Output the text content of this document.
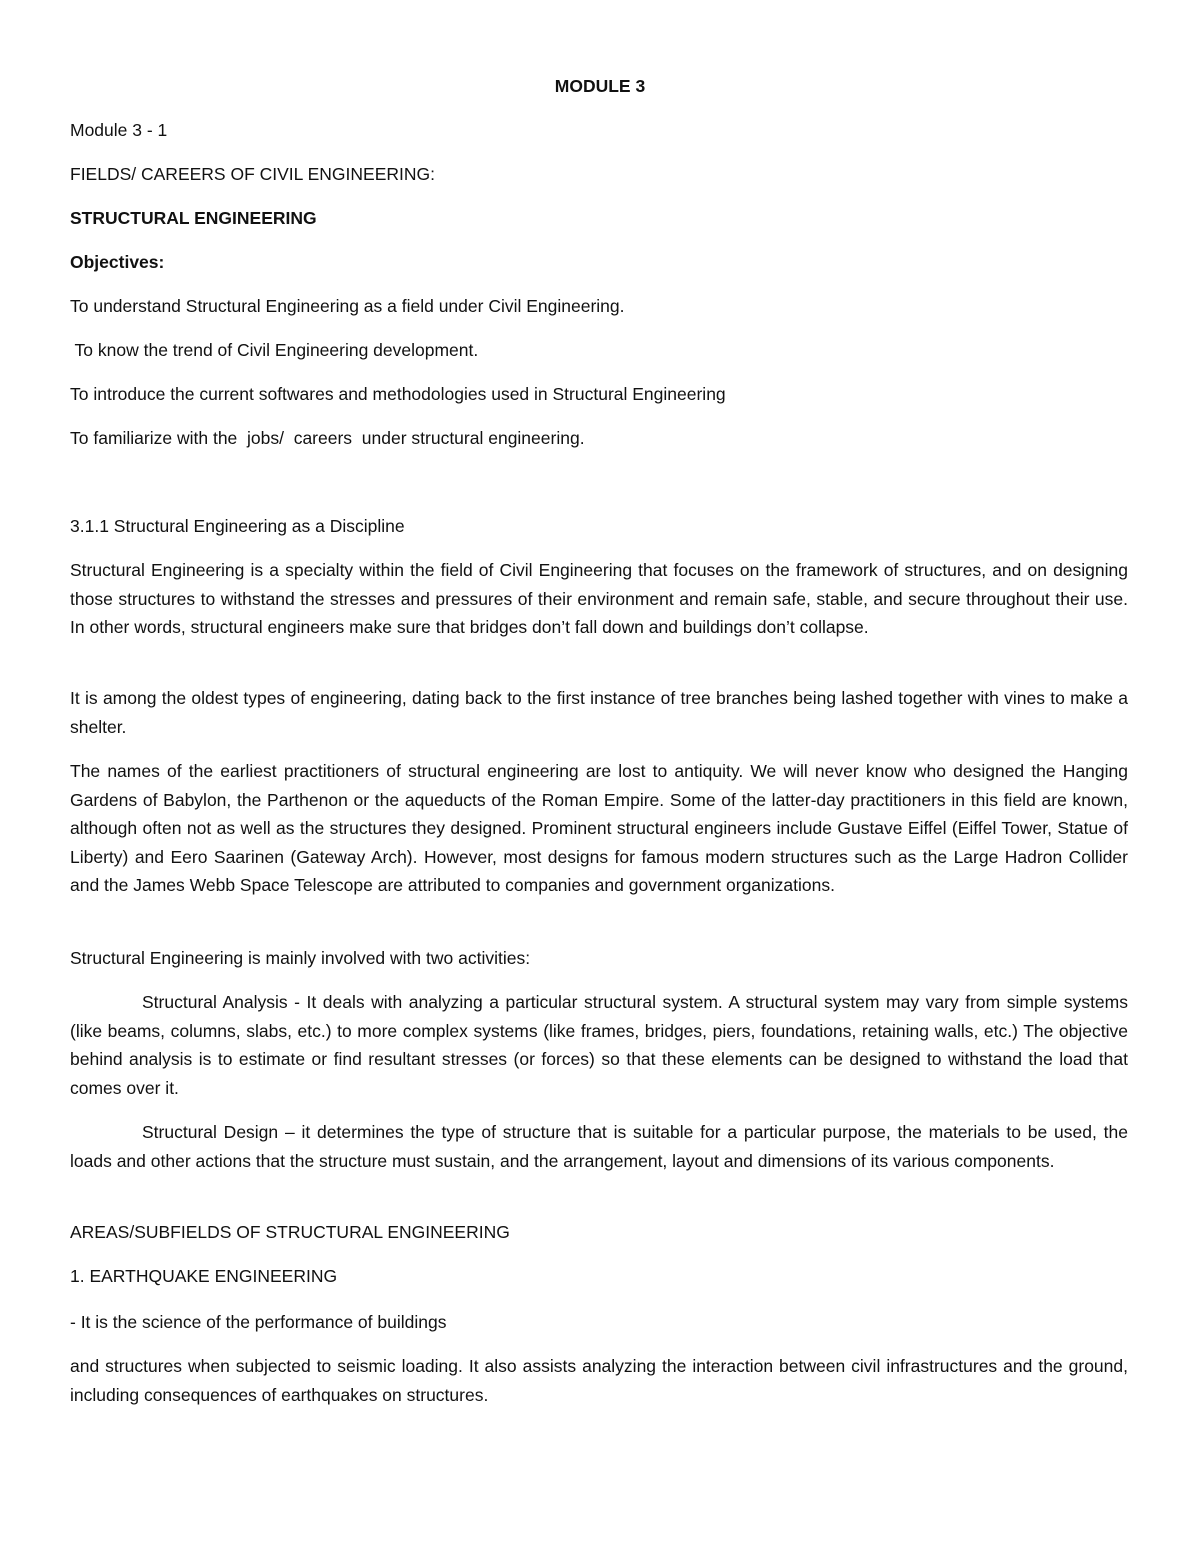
MODULE 3
Module 3 - 1
FIELDS/ CAREERS OF CIVIL ENGINEERING:
STRUCTURAL ENGINEERING
Objectives:
To understand Structural Engineering as a field under Civil Engineering.
To know the trend of Civil Engineering development.
To introduce the current softwares and methodologies used in Structural Engineering
To familiarize with the  jobs/  careers  under structural engineering.
3.1.1 Structural Engineering as a Discipline
Structural Engineering is a specialty within the field of Civil Engineering that focuses on the framework of structures, and on designing those structures to withstand the stresses and pressures of their environment and remain safe, stable, and secure throughout their use. In other words, structural engineers make sure that bridges don’t fall down and buildings don’t collapse.
It is among the oldest types of engineering, dating back to the first instance of tree branches being lashed together with vines to make a shelter.
The names of the earliest practitioners of structural engineering are lost to antiquity. We will never know who designed the Hanging Gardens of Babylon, the Parthenon or the aqueducts of the Roman Empire. Some of the latter-day practitioners in this field are known, although often not as well as the structures they designed. Prominent structural engineers include Gustave Eiffel (Eiffel Tower, Statue of Liberty) and Eero Saarinen (Gateway Arch). However, most designs for famous modern structures such as the Large Hadron Collider and the James Webb Space Telescope are attributed to companies and government organizations.
Structural Engineering is mainly involved with two activities:
Structural Analysis - It deals with analyzing a particular structural system. A structural system may vary from simple systems (like beams, columns, slabs, etc.) to more complex systems (like frames, bridges, piers, foundations, retaining walls, etc.) The objective behind analysis is to estimate or find resultant stresses (or forces) so that these elements can be designed to withstand the load that comes over it.
Structural Design – it determines the type of structure that is suitable for a particular purpose, the materials to be used, the loads and other actions that the structure must sustain, and the arrangement, layout and dimensions of its various components.
AREAS/SUBFIELDS OF STRUCTURAL ENGINEERING
1. EARTHQUAKE ENGINEERING
- It is the science of the performance of buildings
and structures when subjected to seismic loading. It also assists analyzing the interaction between civil infrastructures and the ground, including consequences of earthquakes on structures.
